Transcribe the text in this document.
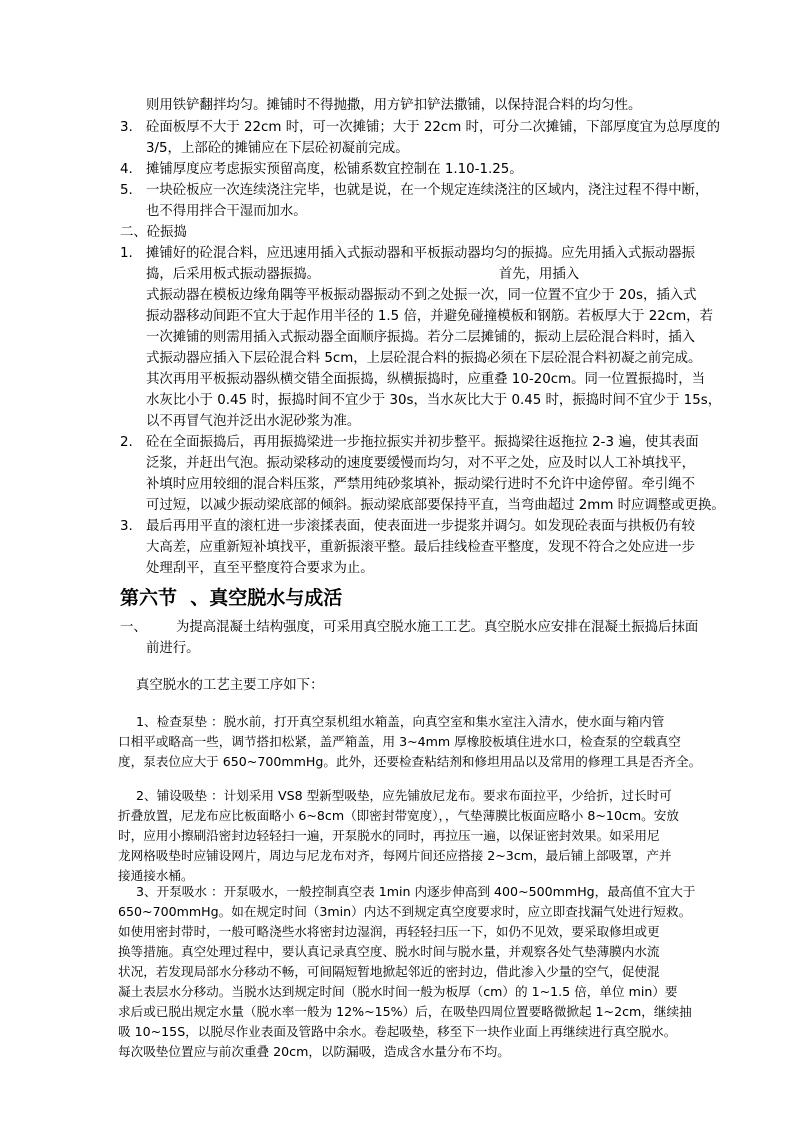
则用铁铲翻拌均匀。摊铺时不得抛撒，用方铲扣铲法撒铺，以保持混合料的均匀性。
3. 砼面板厚不大于 22cm 时，可一次摊铺；大于 22cm 时，可分二次摊铺，下部厚度宜为总厚度的
3/5，上部砼的摊铺应在下层砼初凝前完成。
4. 摊铺厚度应考虑振实预留高度，松铺系数宜控制在 1.10-1.25。
5. 一块砼板应一次连续浇注完毕，也就是说，在一个规定连续浇注的区域内，浇注过程不得中断，
也不得用拌合干湿而加水。
二、砼振捣
1. 摊铺好的砼混合料，应迅速用插入式振动器和平板振动器均匀的振捣。应先用插入式振动器振
捣，后采用板式振动器振捣。                                          首先，用插入
式振动器在模板边缘角隅等平板振动器振动不到之处振一次，同一位置不宜少于 20s，插入式
振动器移动间距不宜大于起作用半径的 1.5 倍，并避免碰撞模板和钢筋。若板厚大于 22cm，若
一次摊铺的则需用插入式振动器全面顺序振捣。若分二层摊铺的，振动上层砼混合料时，插入
式振动器应插入下层砼混合料 5cm，上层砼混合料的振捣必须在下层砼混合料初凝之前完成。
其次再用平板振动器纵横交错全面振捣，纵横振捣时，应重叠 10-20cm。同一位置振捣时，当
水灰比小于 0.45 时，振捣时间不宜少于 30s，当水灰比大于 0.45 时，振捣时间不宜少于 15s，
以不再冒气泡并泛出水泥砂浆为准。
2. 砼在全面振捣后，再用振捣梁进一步拖拉振实并初步整平。振捣梁往返拖拉 2-3 遍，使其表面
泛浆，并赶出气泡。振动梁移动的速度要缓慢而均匀，对不平之处，应及时以人工补填找平，
补填时应用较细的混合料压浆，严禁用纯砂浆填补，振动梁行进时不允许中途停留。牵引绳不
可过短，以减少振动梁底部的倾斜。振动梁底部要保持平直，当弯曲超过 2mm 时应调整或更换。
3. 最后再用平直的滚杠进一步滚揉表面，使表面进一步提浆并调匀。如发现砼表面与拱板仍有较
大高差，应重新短补填找平，重新振滚平整。最后挂线检查平整度，发现不符合之处应进一步
处理刮平，直至平整度符合要求为止。
第六节  、真空脱水与成活
一、 为提高混凝土结构强度，可采用真空脱水施工工艺。真空脱水应安排在混凝土振捣后抹面
前进行。
真空脱水的工艺主要工序如下：
1、检查泵垫 ：脱水前，打开真空泵机组水箱盖，向真空室和集水室注入清水，使水面与箱内管
口相平或略高一些，调节搭扣松紧，盖严箱盖，用 3~4mm 厚橡胶板填住进水口，检查泵的空载真空
度，泵表位应大于 650~700mmHg。此外，还要检查粘结剂和修坦用品以及常用的修理工具是否齐全。
2、铺设吸垫 ：计划采用 VS8 型新型吸垫，应先铺放尼龙布。要求布面拉平，少给折，过长时可
折叠放置，尼龙布应比板面略小 6~8cm（即密封带宽度），，气垫薄膜比板面应略小 8~10cm。安放
时，应用小擦刷沿密封边轻轻扫一遍，开泵脱水的同时，再拉压一遍，以保证密封效果。如采用尼
龙网格吸垫时应铺设网片，周边与尼龙布对齐，每网片间还应搭接 2~3cm，最后铺上部吸罩，产并
接通接水桶。
3、开泵吸水 ：开泵吸水，一般控制真空表 1min 内逐步伸高到 400~500mmHg，最高值不宜大于
650~700mmHg。如在规定时间（3min）内达不到规定真空度要求时，应立即查找漏气处进行短救。
如使用密封带时，一般可略浇些水将密封边湿润，再轻轻扫压一下，如仍不见效，要采取修坦或更
换等措施。真空处理过程中，要认真记录真空度、脱水时间与脱水量，并观察各处气垫薄膜内水流
状况，若发现局部水分移动不畅，可间隔短暂地掀起邻近的密封边，借此渗入少量的空气，促使混
凝土表层水分移动。当脱水达到规定时间（脱水时间一般为板厚（cm）的 1~1.5 倍，单位 min）要
求后或已脱出规定水量（脱水率一般为 12%~15%）后，在吸垫四周位置要略微掀起 1~2cm，继续抽
吸 10~15S，以脱尽作业表面及管路中余水。卷起吸垫，移至下一块作业面上再继续进行真空脱水。
每次吸垫位置应与前次重叠 20cm，以防漏吸，造成含水量分布不均。
